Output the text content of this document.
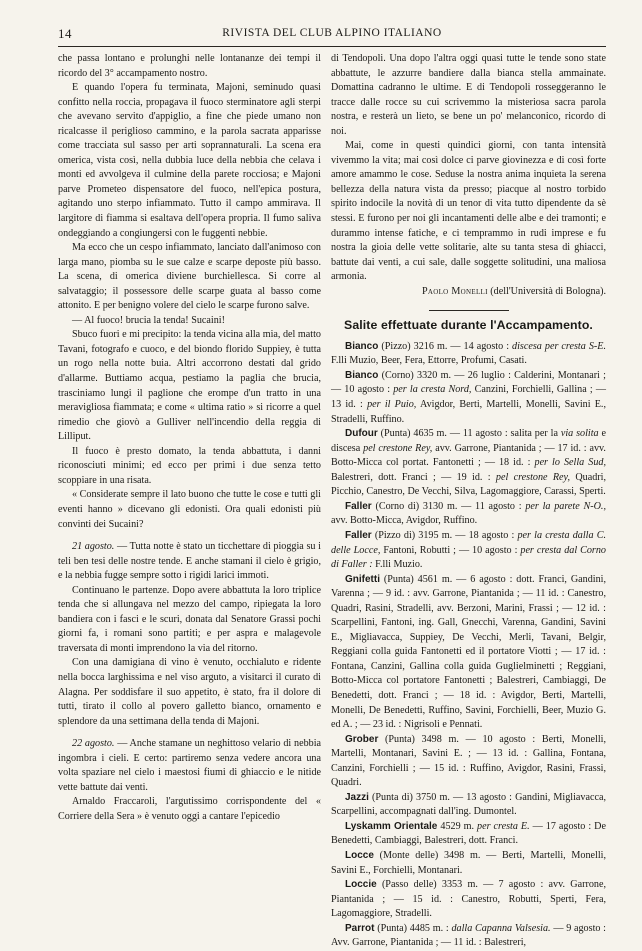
14	RIVISTA DEL CLUB ALPINO ITALIANO

che passa lontano e prolunghi nelle lontananze dei tempi il ricordo del 3° accampamento nostro.

E quando l'opera fu terminata, Majoni, seminudo quasi confitto nella roccia, propagava il fuoco sterminatore agli sterpi che avevano servito d'appiglio, a fine che piede umano non ricalcasse il periglioso cammino, e la parola sacrata apparisse come tracciata sul sasso per arti soprannaturali. La scena era omerica, vista così, nella dubbia luce della nebbia che celava i monti ed avvolgeva il culmine della parete rocciosa; e Majoni parve Prometeo dispensatore del fuoco, nell'epica postura, agitando uno sterpo infiammato. Tutto il campo ammirava. Il largitore di fiamma si esaltava dell'opera propria. Il fumo saliva ondeggiando a congiungersi con le fuggenti nebbie.

Ma ecco che un cespo infiammato, lanciato dall'animoso con larga mano, piomba su le sue calze e scarpe deposte più basso. La scena, di omerica diviene burchiellesca. Si corre al salvataggio; il possessore delle scarpe guata al basso come attonito. E per benigno volere del cielo le scarpe furono salve.

— Al fuoco! brucia la tenda! Sucaini!

Sbuco fuori e mi precipito: la tenda vicina alla mia, del matto Tavani, fotografo e cuoco, e del biondo florido Suppiey, è tutta un rogo nella notte buia. Altri accorrono destati dal grido d'allarme. Buttiamo acqua, pestiamo la paglia che brucia, trasciniamo lungi il paglione che erompe d'un tratto in una meravigliosa fiammata; e come « ultima ratio » si ricorre a quel rimedio che giovò a Gulliver nell'incendio della reggia di Lilliput.

Il fuoco è presto domato, la tenda abbattuta, i danni riconosciuti minimi; ed ecco per primi i due senza tetto scoppiare in una risata.

« Considerate sempre il lato buono che tutte le cose e tutti gli eventi hanno » dicevano gli edonisti. Ora quali edonisti più convinti dei Sucaini?

21 agosto. — Tutta notte è stato un ticchettare di pioggia su i teli ben tesi delle nostre tende. E anche stamani il cielo è grigio, e la nebbia fugge sempre sotto i rigidi larici immoti.

Continuano le partenze. Dopo avere abbattuta la loro triplice tenda che si allungava nel mezzo del campo, ripiegata la loro bandiera con i fasci e le scuri, donata dal Senatore Grassi pochi giorni fa, i romani sono partiti; e per aspra e malagevole traversata di monti imprendono la via del ritorno.

Con una damigiana di vino è venuto, occhialuto e ridente nella bocca larghissima e nel viso arguto, a visitarci il curato di Alagna. Per soddisfare il suo appetito, è stato, fra il dolore di tutti, tirato il collo al povero galletto bianco, ornamento e splendore da una settimana della tenda di Majoni.

22 agosto. — Anche stamane un neghittoso velario di nebbia ingombra i cieli. E certo: partiremo senza vedere ancora una volta spaziare nel cielo i maestosi fiumi di ghiaccio e le nitide vette battute dai venti.

Arnaldo Fraccaroli, l'argutissimo corrispondente del « Corriere della Sera » è venuto oggi a cantare l'epicedio

di Tendopoli. Una dopo l'altra oggi quasi tutte le tende sono state abbattute, le azzurre bandiere dalla bianca stella ammainate. Domattina cadranno le ultime. E di Tendopoli rosseggeranno le tracce dalle rocce su cui scrivemmo la misteriosa sacra parola nostra, e resterà un lieto, se bene un po' melanconico, ricordo di noi.

Mai, come in questi quindici giorni, con tanta intensità vivemmo la vita; mai così dolce ci parve giovinezza e di così forte amore amammo le cose. Seduse la nostra anima inquieta la serena bellezza della natura vista da presso; piacque al nostro torbido spirito indocile la novità di un tenor di vita tutto dipendente da sè stessi. E furono per noi gli incantamenti delle albe e dei tramonti; e durammo intense fatiche, e ci temprammo in rudi imprese e fu nostra la gioia delle vette solitarie, alte su tanta stesa di ghiacci, battute dai venti, a cui sale, dalle soggette solitudini, una maliosa armonia.

Paolo Monelli (dell'Università di Bologna).

Salite effettuate durante l'Accampamento.

Bianco (Pizzo) 3216 m. — 14 agosto : discesa per cresta S-E. F.lli Muzio, Beer, Fera, Ettorre, Profumi, Casati.

Bianco (Corno) 3320 m. — 26 luglio : Calderini, Montanari ; — 10 agosto : per la cresta Nord, Canzini, Forchielli, Gallina ; — 13 id. : per il Puio, Avigdor, Berti, Martelli, Monelli, Savini E., Stradelli, Ruffino.

Dufour (Punta) 4635 m. — 11 agosto : salita per la via solita e discesa pel crestone Rey, avv. Garrone, Piantanida ; — 17 id. : avv. Botto-Micca col portat. Fantonetti ; — 18 id. : per lo Sella Sud, Balestreri, dott. Franci ; — 19 id. : pel crestone Rey, Quadri, Picchio, Canestro, De Vecchi, Silva, Lagomaggiore, Carassi, Sperti.

Faller (Corno di) 3130 m. — 11 agosto : per la parete N-O., avv. Botto-Micca, Avigdor, Ruffino.

Faller (Pizzo di) 3195 m. — 18 agosto : per la cresta dalla C. delle Locce, Fantoni, Robutti ; — 10 agosto : per cresta dal Corno di Faller : F.lli Muzio.

Gnifetti (Punta) 4561 m. — 6 agosto : dott. Franci, Gandini, Varenna ; — 9 id. : avv. Garrone, Piantanida ; — 11 id. : Canestro, Quadri, Rasini, Stradelli, avv. Berzoni, Marini, Frassi ; — 12 id. : Scarpellini, Fantoni, ing. Gall, Gnecchi, Varenna, Gandini, Savini E., Migliavacca, Suppiey, De Vecchi, Merli, Tavani, Belgir, Reggiani colla guida Fantonetti ed il portatore Viotti ; — 17 id. : Fontana, Canzini, Gallina colla guida Guglielminetti ; Reggiani, Botto-Micca col portatore Fantonetti ; Balestreri, Cambiaggi, De Benedetti, dott. Franci ; — 18 id. : Avigdor, Berti, Martelli, Monelli, De Benedetti, Ruffino, Savini, Forchielli, Beer, Muzio G. ed A. ; — 23 id. : Nigrisoli e Pennati.

Grober (Punta) 3498 m. — 10 agosto : Berti, Monelli, Martelli, Montanari, Savini E. ; — 13 id. : Gallina, Fontana, Canzini, Forchielli ; — 15 id. : Ruffino, Avigdor, Rasini, Frassi, Quadri.

Jazzi (Punta di) 3750 m. — 13 agosto : Gandini, Migliavacca, Scarpellini, accompagnati dall'ing. Dumontel.

Lyskamm Orientale 4529 m. per cresta E. — 17 agosto : De Benedetti, Cambiaggi, Balestreri, dott. Franci.

Locce (Monte delle) 3498 m. — Berti, Martelli, Monelli, Savini E., Forchielli, Montanari.

Loccie (Passo delle) 3353 m. — 7 agosto : avv. Garrone, Piantanida ; — 15 id. : Canestro, Robutti, Sperti, Fera, Lagomaggiore, Stradelli.

Parrot (Punta) 4485 m. : dalla Capanna Valsesia. — 9 agosto : Avv. Garrone, Piantanida ; — 11 id. : Balestreri,
